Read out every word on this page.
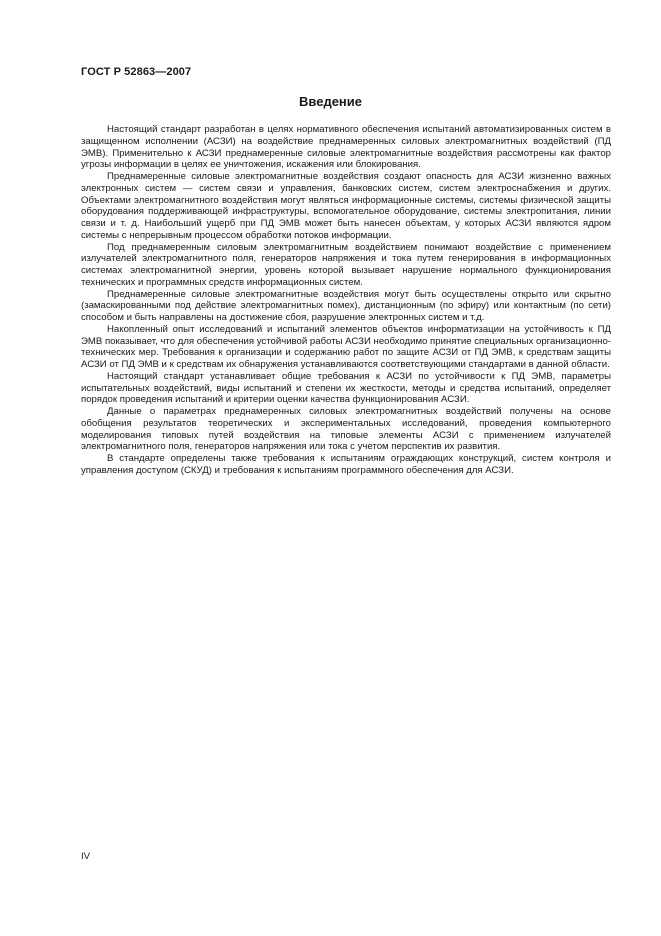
ГОСТ Р 52863—2007
Введение

Настоящий стандарт разработан в целях нормативного обеспечения испытаний автоматизированных систем в защищенном исполнении (АСЗИ) на воздействие преднамеренных силовых электромагнитных воздействий (ПД ЭМВ). Применительно к АСЗИ преднамеренные силовые электромагнитные воздействия рассмотрены как фактор угрозы информации в целях ее уничтожения, искажения или блокирования.

Преднамеренные силовые электромагнитные воздействия создают опасность для АСЗИ жизненно важных электронных систем — систем связи и управления, банковских систем, систем электроснабжения и других. Объектами электромагнитного воздействия могут являться информационные системы, системы физической защиты оборудования поддерживающей инфраструктуры, вспомогательное оборудование, системы электропитания, линии связи и т. д. Наибольший ущерб при ПД ЭМВ может быть нанесен объектам, у которых АСЗИ являются ядром системы с непрерывным процессом обработки потоков информации.

Под преднамеренным силовым электромагнитным воздействием понимают воздействие с применением излучателей электромагнитного поля, генераторов напряжения и тока путем генерирования в информационных системах электромагнитной энергии, уровень которой вызывает нарушение нормального функционирования технических и программных средств информационных систем.

Преднамеренные силовые электромагнитные воздействия могут быть осуществлены открыто или скрытно (замаскированными под действие электромагнитных помех), дистанционным (по эфиру) или контактным (по сети) способом и быть направлены на достижение сбоя, разрушение электронных систем и т.д.

Накопленный опыт исследований и испытаний элементов объектов информатизации на устойчивость к ПД ЭМВ показывает, что для обеспечения устойчивой работы АСЗИ необходимо принятие специальных организационно-технических мер. Требования к организации и содержанию работ по защите АСЗИ от ПД ЭМВ, к средствам защиты АСЗИ от ПД ЭМВ и к средствам их обнаружения устанавливаются соответствующими стандартами в данной области.

Настоящий стандарт устанавливает общие требования к АСЗИ по устойчивости к ПД ЭМВ, параметры испытательных воздействий, виды испытаний и степени их жесткости, методы и средства испытаний, определяет порядок проведения испытаний и критерии оценки качества функционирования АСЗИ.

Данные о параметрах преднамеренных силовых электромагнитных воздействий получены на основе обобщения результатов теоретических и экспериментальных исследований, проведения компьютерного моделирования типовых путей воздействия на типовые элементы АСЗИ с применением излучателей электромагнитного поля, генераторов напряжения или тока с учетом перспектив их развития.

В стандарте определены также требования к испытаниям ограждающих конструкций, систем контроля и управления доступом (СКУД) и требования к испытаниям программного обеспечения для АСЗИ.

IV
